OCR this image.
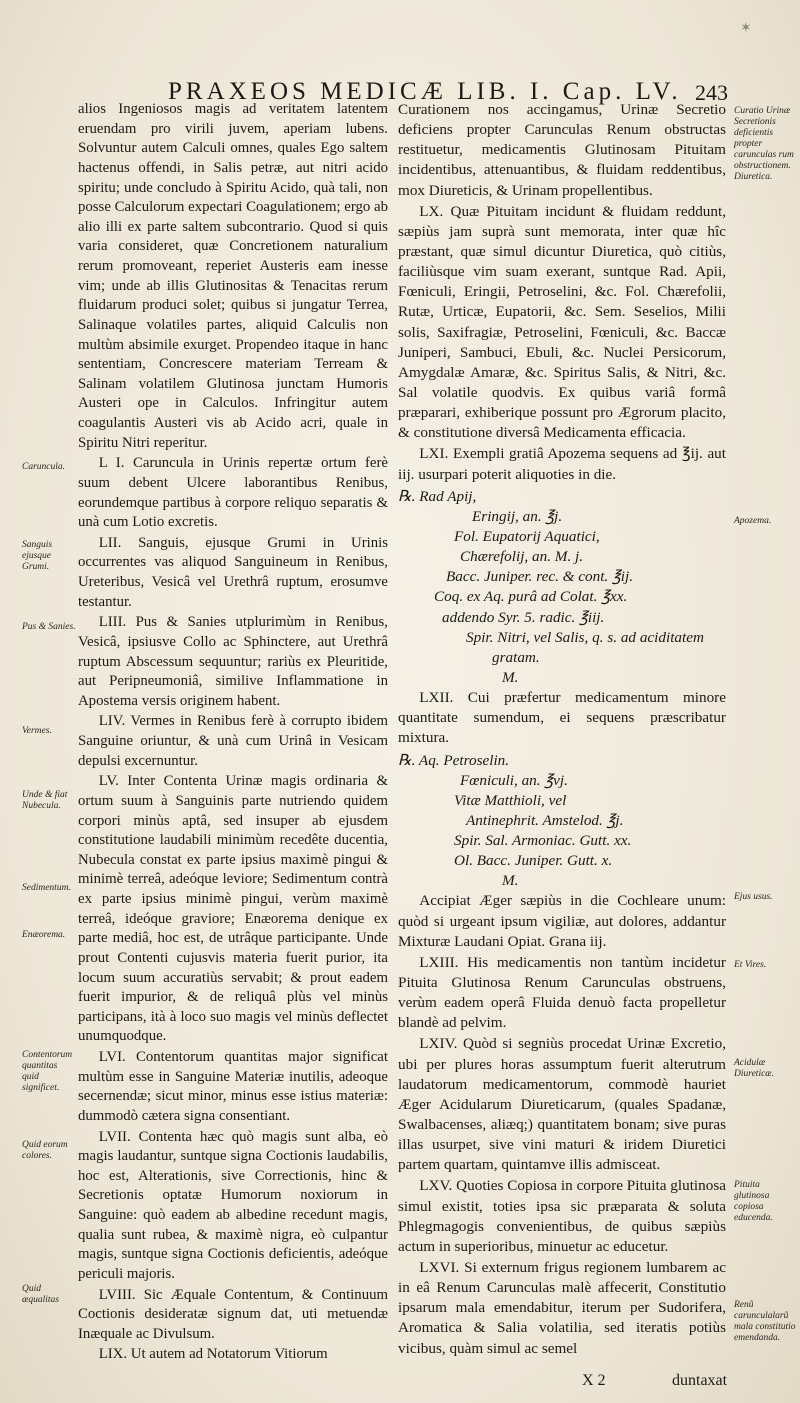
✶
PRAXEOS MEDICÆ LIB. I. Cap. LV. 243

alios Ingeniosos magis ad veritatem latentem eruendam pro virili juvem, aperiam lubens. Solvuntur autem Calculi omnes, quales Ego saltem hactenus offendi, in Salis petræ, aut nitri acido spiritu; unde concludo à Spiritu Acido, quà tali, non posse Calculorum expectari Coagulationem; ergo ab alio illi ex parte saltem subcontrario. Quod si quis varia consideret, quæ Concretionem naturalium rerum promoveant, reperiet Austeris eam inesse vim; unde ab illis Glutinositas & Tenacitas rerum fluidarum produci solet; quibus si jungatur Terrea, Salinaque volatiles partes, aliquid Calculis non multùm absimile exurget. Propendeo itaque in hanc sententiam, Concrescere materiam Terream & Salinam volatilem Glutinosa junctam Humoris Austeri ope in Calculos. Infringitur autem coagulantis Austeri vis ab Acido acri, quale in Spiritu Nitri reperitur.

L I. Caruncula in Urinis repertæ ortum ferè suum debent Ulcere laborantibus Renibus, eorundemque partibus à corpore reliquo separatis & unà cum Lotio excretis.

LII. Sanguis, ejusque Grumi in Urinis occurrentes vas aliquod Sanguineum in Renibus, Ureteribus, Vesicâ vel Urethrâ ruptum, erosumve testantur.

LIII. Pus & Sanies utplurimùm in Renibus, Vesicâ, ipsiusve Collo ac Sphinctere, aut Urethrâ ruptum Abscessum sequuntur; rariùs ex Pleuritide, aut Peripneumoniâ, similive Inflammatione in Apostema versis originem habent.

LIV. Vermes in Renibus ferè à corrupto ibidem Sanguine oriuntur, & unà cum Urinâ in Vesicam depulsi excernuntur.

LV. Inter Contenta Urinæ magis ordinaria & ortum suum à Sanguinis parte nutriendo quidem corpori minùs aptâ, sed insuper ab ejusdem constitutione laudabili minimùm recedête ducentia, Nubecula constat ex parte ipsius maximè pingui & minimè terreâ, adeóque leviore; Sedimentum contrà ex parte ipsius minimè pingui, verùm maximè terreâ, ideóque graviore; Enæorema denique ex parte mediâ, hoc est, de utrâque participante. Unde prout Contenti cujusvis materia fuerit purior, ita locum suum accuratiùs servabit; & prout eadem fuerit impurior, & de reliquâ plùs vel minùs participans, ità à loco suo magis vel minùs deflectet unumquodque.

LVI. Contentorum quantitas major significat multùm esse in Sanguine Materiæ inutilis, adeoque secernendæ; sicut minor, minus esse istius materiæ: dummodò cætera signa consentiant.

LVII. Contenta hæc quò magis sunt alba, eò magis laudantur, suntque signa Coctionis laudabilis, hoc est, Alterationis, sive Correctionis, hinc & Secretionis optatæ Humorum noxiorum in Sanguine: quò eadem ab albedine recedunt magis, qualia sunt rubea, & maximè nigra, eò culpantur magis, suntque signa Coctionis deficientis, adeóque periculi majoris.

LVIII. Sic Æquale Contentum, & Continuum Coctionis desideratæ signum dat, uti metuendæ Inæquale ac Divulsum.

LIX. Ut autem ad Notatorum Vitiorum

Curationem nos accingamus, Urinæ Secretio deficiens propter Carunculas Renum obstructas restituetur, medicamentis Glutinosam Pituitam incidentibus, attenuantibus, & fluidam reddentibus, mox Diureticis, & Urinam propellentibus.

LX. Quæ Pituitam incidunt & fluidam reddunt, sæpiùs jam suprà sunt memorata, inter quæ hîc præstant, quæ simul dicuntur Diuretica, quò citiùs, faciliùsque vim suam exerant, suntque Rad. Apii, Fœniculi, Eringii, Petroselini, &c. Fol. Chærefolii, Rutæ, Urticæ, Eupatorii, &c. Sem. Seselios, Milii solis, Saxifragiæ, Petroselini, Fœniculi, &c. Baccæ Juniperi, Sambuci, Ebuli, &c. Nuclei Persicorum, Amygdalæ Amaræ, &c. Spiritus Salis, & Nitri, &c. Sal volatile quodvis. Ex quibus variâ formâ præparari, exhiberique possunt pro Ægrorum placito, & constitutione diversâ Medicamenta efficacia.

LXI. Exempli gratiâ Apozema sequens ad ℥ij. aut iij. usurpari poterit aliquoties in die.

℞. Rad Apij,
Eringij, an. ℥j.
Fol. Eupatorij Aquatici,
Chærefolij, an. M. j.
Bacc. Juniper. rec. & cont. ℥ij.
Coq. ex Aq. purâ ad Colat. ℥xx.
addendo Syr. 5. radic. ℥iij.
Spir. Nitri, vel Salis, q. s. ad aciditatem
gratam.
M.

LXII. Cui præfertur medicamentum minore quantitate sumendum, ei sequens præscribatur mixtura.

℞. Aq. Petroselin.
Fœniculi, an. ℥vj.
Vitæ Matthioli, vel
Antinephrit. Amstelod. ℥j.
Spir. Sal. Armoniac. Gutt. xx.
Ol. Bacc. Juniper. Gutt. x.
M.

Accipiat Æger sæpiùs in die Cochleare unum: quòd si urgeant ipsum vigiliæ, aut dolores, addantur Mixturæ Laudani Opiat. Grana iij.

LXIII. His medicamentis non tantùm incidetur Pituita Glutinosa Renum Carunculas obstruens, verùm eadem operâ Fluida denuò facta propelletur blandè ad pelvim.

LXIV. Quòd si segniùs procedat Urinæ Excretio, ubi per plures horas assumptum fuerit alterutrum laudatorum medicamentorum, commodè hauriet Æger Acidularum Diureticarum, (quales Spadanæ, Swalbacenses, aliæq;) quantitatem bonam; sive puras illas usurpet, sive vini maturi & iridem Diuretici partem quartam, quintamve illis admisceat.

LXV. Quoties Copiosa in corpore Pituita glutinosa simul existit, toties ipsa sic præparata & soluta Phlegmagogis convenientibus, de quibus sæpiùs actum in superioribus, minuetur ac educetur.

LXVI. Si externum frigus regionem lumbarem ac in eâ Renum Carunculas malè affecerit, Constitutio ipsarum mala emendabitur, iterum per Sudorifera, Aromatica & Salia volatilia, sed iteratis potiùs vicibus, quàm simul ac semel

Caruncula.
Sanguis ejusque Grumi.
Pus & Sanies.
Vermes.
Unde & fiat Nubecula.
Sedimentum.
Enæorema.
Contentorum quantitas quid significet.
Quid eorum colores.
Quid æqualitas
Curatio Urinæ Secretionis deficientis propter carunculas rum obstructionem. Diuretica.
Apozema.
Ejus usus.
Et Vires.
Acidulæ Diureticæ.
Pituita glutinosa copiosa educenda.
Renũ carunculalarũ mala constitutio emendanda.
X 2	duntaxat
